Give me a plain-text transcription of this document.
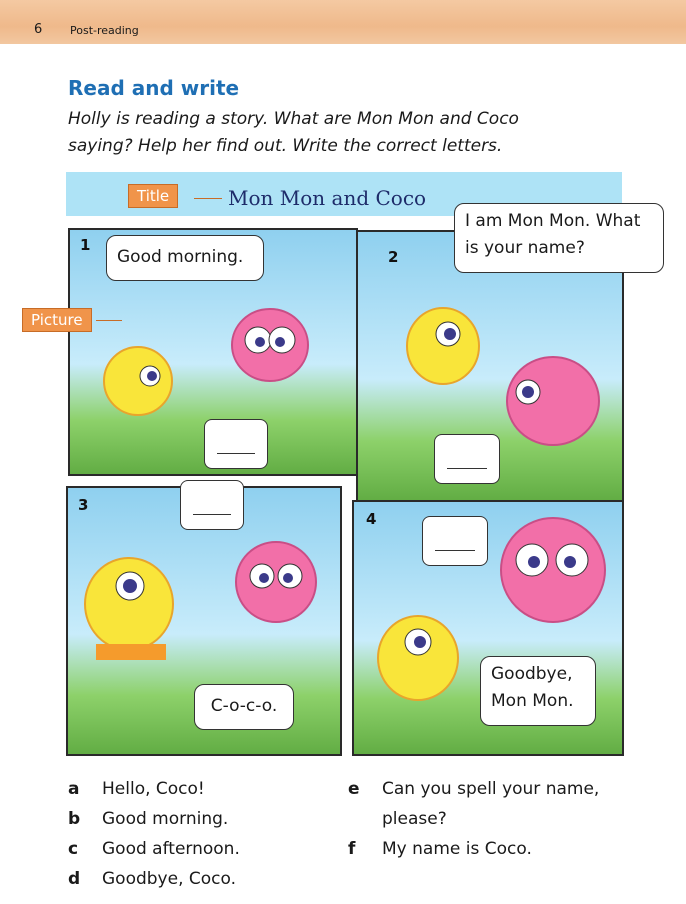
6	Post-reading
Read and write
Holly is reading a story. What are Mon Mon and Coco saying? Help her find out. Write the correct letters.
Mon Mon and Coco
1
Good morning.	2
I am Mon Mon. What is your name?
3
C-o-c-o.
4
Goodbye, Mon Mon.
Title
Picture
a Hello, Coco!
b Good morning.
c Good afternoon.
d Goodbye, Coco.
e Can you spell your name, please?
f My name is Coco.
